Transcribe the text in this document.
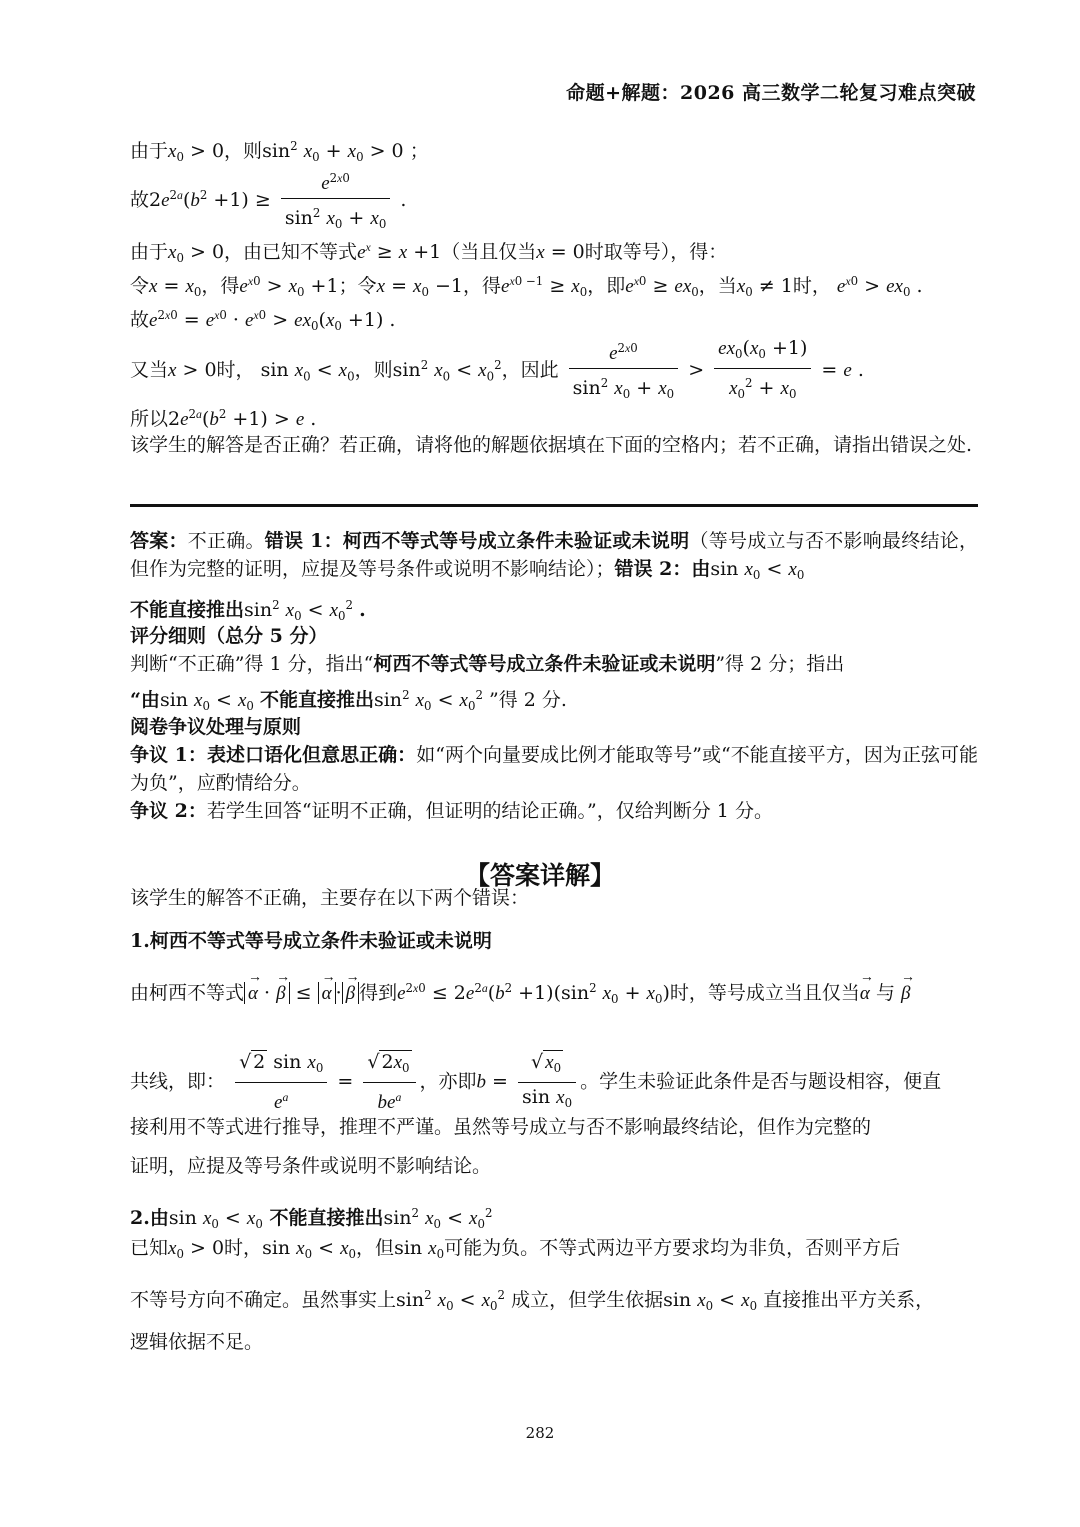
命题+解题：2026 高三数学二轮复习难点突破
由于$x_0 > 0$，则$\sin^2 x_0 + x_0 > 0$ ；
故$2e^{2a}(b^2 +1) \ge \frac{e^{2x0}}{\sin^2 x_0 + x_0}$ .
由于$x_0 > 0$，由已知不等式$e^x \ge x +1$（当且仅当x = 0时取等号），得：
令$x = x_0$，得$e^{x0} > x_0 +1$；令$x = x_0 -1$，得$e^{x0 -1} \ge x_0$，即$e^{x0} \ge ex_0$，当$x_0 \ne 1$时， $e^{x0} > ex_0$ .
故$e^{2x0} = e^{x0} \cdot e^{x0} > ex_0(x_0 +1)$ .
又当x > 0时， $\sin x_0 < x_0$，则$\sin^2 x_0 < x_0^2$，因此 $\frac{e^{2x0}}{\sin^2 x_0 + x_0} > \frac{ex_0(x_0 +1)}{x_0^2 + x_0} = e$ .
所以$2e^{2a}(b^2 +1) > e$ .
该学生的解答是否正确？若正确，请将他的解题依据填在下面的空格内；若不正确，请指出错误之处.
答案：不正确。错误 1：柯西不等式等号成立条件未验证或未说明（等号成立与否不影响最终结论，但作为完整的证明，应提及等号条件或说明不影响结论）；错误 2：由$\sin x_0 < x_0$
不能直接推出$\sin^2 x_0 < x_0^2$ .
评分细则（总分 5 分）
判断“不正确”得 1 分，指出“柯西不等式等号成立条件未验证或未说明”得 2 分；指出
“由$\sin x_0 < x_0$ 不能直接推出$\sin^2 x_0 < x_0^2$ ”得 2 分.
阅卷争议处理与原则
争议 1：表述口语化但意思正确：如“两个向量要成比例才能取等号”或“不能直接平方，因为正弦可能为负”，应酌情给分。
争议 2：若学生回答“证明不正确，但证明的结论正确。”，仅给判断分 1 分。
该学生的解答不正确，主要存在以下两个错误：
1.柯西不等式等号成立条件未验证或未说明
由柯西不等式 → α · → β ≤ → α · → β 得到$e^{2x0} \le 2e^{2a}(b^2 +1)(\sin^2$ $x_0 + x_0$)时，等号成立当且仅当→ α 与 → β
共线，即： $\frac{√ 2 \sin x_0}{e^a} = \frac{√ 2x_0}{be^a}$ ，亦即$b = \frac{√ x_0}{\sin x_0}$ 。学生未验证此条件是否与题设相容，便直
接利用不等式进行推导，推理不严谨。虽然等号成立与否不影响最终结论，但作为完整的
证明，应提及等号条件或说明不影响结论。
2.由$\sin x_0 < x_0$ 不能直接推出$\sin^2 x_0 < x_0^2$
已知$x_0 > 0$时，$\sin x_0 < x_0$，但$\sin x_0$可能为负。不等式两边平方要求均为非负，否则平方后
不等号方向不确定。虽然事实上$\sin^2 x_0 < x_0^2$ 成立，但学生依据$\sin x_0 < x_0$ 直接推出平方关系，
逻辑依据不足。
【答案详解】
282
